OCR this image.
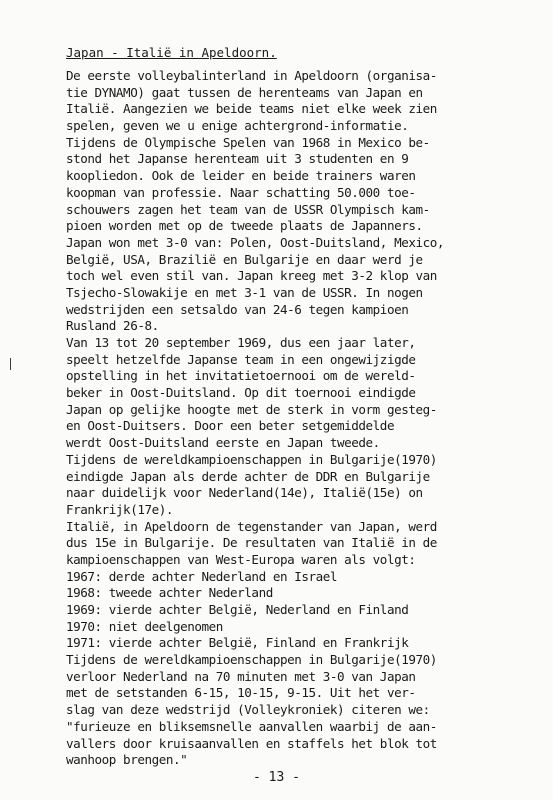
Japan - Italië in Apeldoorn.
De eerste volleybalinterland in Apeldoorn (organisa-
tie DYNAMO) gaat tussen de herenteams van Japan en
Italië. Aangezien we beide teams niet elke week zien
spelen, geven we u enige achtergrond-informatie.
Tijdens de Olympische Spelen van 1968 in Mexico be-
stond het Japanse herenteam uit 3 studenten en 9
koopliedon. Ook de leider en beide trainers waren
koopman van professie. Naar schatting 50.000 toe-
schouwers zagen het team van de USSR Olympisch kam-
pioen worden met op de tweede plaats de Japanners.
Japan won met 3-0 van: Polen, Oost-Duitsland, Mexico,
België, USA, Brazilië en Bulgarije en daar werd je
toch wel even stil van. Japan kreeg met 3-2 klop van
Tsjecho-Slowakije en met 3-1 van de USSR. In nogen
wedstrijden een setsaldo van 24-6 tegen kampioen
Rusland 26-8.
Van 13 tot 20 september 1969, dus een jaar later,
speelt hetzelfde Japanse team in een ongewijzigde
opstelling in het invitatietoernooi om de wereld-
beker in Oost-Duitsland. Op dit toernooi eindigde
Japan op gelijke hoogte met de sterk in vorm gesteg-
en Oost-Duitsers. Door een beter setgemiddelde
werdt Oost-Duitsland eerste en Japan tweede.
Tijdens de wereldkampioenschappen in Bulgarije(1970)
eindigde Japan als derde achter de DDR en Bulgarije
naar duidelijk voor Nederland(14e), Italië(15e) on
Frankrijk(17e).
Italië, in Apeldoorn de tegenstander van Japan, werd
dus 15e in Bulgarije. De resultaten van Italië in de
kampioenschappen van West-Europa waren als volgt:
1967: derde achter Nederland en Israel
1968: tweede achter Nederland
1969: vierde achter België, Nederland en Finland
1970: niet deelgenomen
1971: vierde achter België, Finland en Frankrijk
Tijdens de wereldkampioenschappen in Bulgarije(1970)
verloor Nederland na 70 minuten met 3-0 van Japan
met de setstanden 6-15, 10-15, 9-15. Uit het ver-
slag van deze wedstrijd (Volleykroniek) citeren we:
"furieuze en bliksemsnelle aanvallen waarbij de aan-
vallers door kruisaanvallen en staffels het blok tot
wanhoop brengen."
- 13 -
